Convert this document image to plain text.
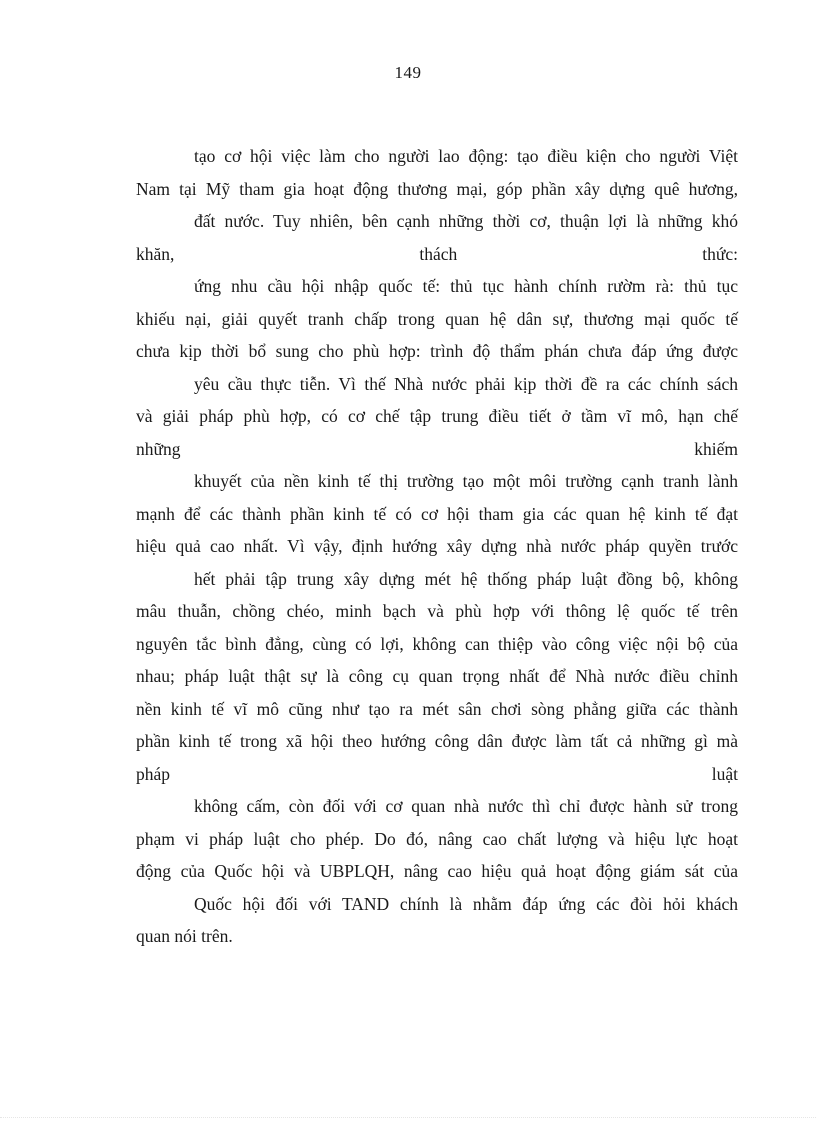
149
tạo cơ hội việc làm cho người lao động: tạo điều kiện cho người Việt
Nam tại Mỹ tham gia hoạt động thương mại, góp phần xây dựng quê hương,
đất nước. Tuy nhiên, bên cạnh những thời cơ, thuận lợi là những khó
khăn, thách thức:
ứng nhu cầu hội nhập quốc tế: thủ tục hành chính rườm rà: thủ tục
khiếu nại, giải quyết tranh chấp trong quan hệ dân sự, thương mại quốc tế
chưa kịp thời bổ sung cho phù hợp: trình độ thẩm phán chưa đáp ứng được
yêu cầu thực tiễn. Vì thế Nhà nước phải kịp thời đề ra các chính sách
và giải pháp phù hợp, có cơ chế tập trung điều tiết ở tầm vĩ mô, hạn chế
những khiếm
khuyết của nền kinh tế thị trường tạo một môi trường cạnh tranh lành
mạnh để các thành phần kinh tế có cơ hội tham gia các quan hệ kinh tế đạt
hiệu quả cao nhất. Vì vậy, định hướng xây dựng nhà nước pháp quyền trước
hết phải tập trung xây dựng mét hệ thống pháp luật đồng bộ, không
mâu thuẫn, chồng chéo, minh bạch và phù hợp với thông lệ quốc tế trên
nguyên tắc bình đẳng, cùng có lợi, không can thiệp vào công việc nội bộ của
nhau; pháp luật thật sự là công cụ quan trọng nhất để Nhà nước điều chỉnh
nền kinh tế vĩ mô cũng như tạo ra mét sân chơi sòng phẳng giữa các thành
phần kinh tế trong xã hội theo hướng công dân được làm tất cả những gì mà
pháp luật
không cấm, còn đối với cơ quan nhà nước thì chỉ được hành sử trong
phạm vi pháp luật cho phép. Do đó, nâng cao chất lượng và hiệu lực hoạt
động của Quốc hội và UBPLQH, nâng cao hiệu quả hoạt động giám sát của
Quốc hội đối với TAND chính là nhằm đáp ứng các đòi hỏi khách
quan nói trên.
